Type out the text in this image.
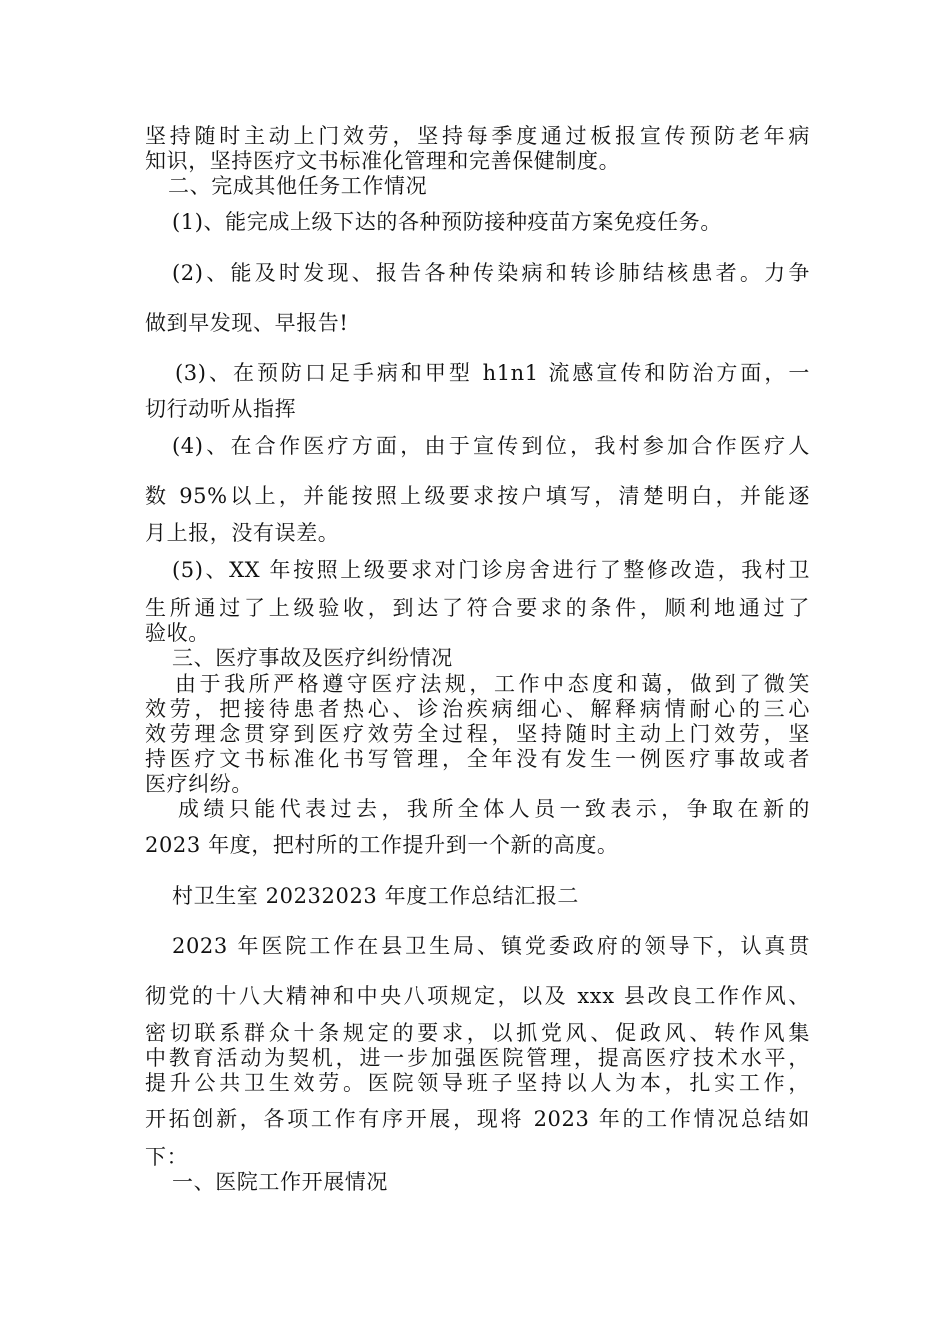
坚持随时主动上门效劳，坚持每季度通过板报宣传预防老年病

知识，坚持医疗文书标准化管理和完善保健制度。

二、完成其他任务工作情况

(1)、能完成上级下达的各种预防接种疫苗方案免疫任务。

(2)、能及时发现、报告各种传染病和转诊肺结核患者。力争

做到早发现、早报告!

(3)、在预防口足手病和甲型 h1n1 流感宣传和防治方面，一

切行动听从指挥

(4)、在合作医疗方面，由于宣传到位，我村参加合作医疗人

数 95%以上，并能按照上级要求按户填写，清楚明白，并能逐

月上报，没有误差。

(5)、XX 年按照上级要求对门诊房舍进行了整修改造，我村卫

生所通过了上级验收，到达了符合要求的条件，顺利地通过了

验收。

三、医疗事故及医疗纠纷情况

由于我所严格遵守医疗法规，工作中态度和蔼，做到了微笑

效劳，把接待患者热心、诊治疾病细心、解释病情耐心的三心

效劳理念贯穿到医疗效劳全过程，坚持随时主动上门效劳，坚

持医疗文书标准化书写管理，全年没有发生一例医疗事故或者

医疗纠纷。

成绩只能代表过去，我所全体人员一致表示，争取在新的

2023 年度，把村所的工作提升到一个新的高度。

村卫生室 20232023 年度工作总结汇报二

2023 年医院工作在县卫生局、镇党委政府的领导下，认真贯

彻党的十八大精神和中央八项规定，以及 xxx 县改良工作作风、

密切联系群众十条规定的要求，以抓党风、促政风、转作风集

中教育活动为契机，进一步加强医院管理，提高医疗技术水平，

提升公共卫生效劳。医院领导班子坚持以人为本，扎实工作，

开拓创新，各项工作有序开展，现将 2023 年的工作情况总结如

下：

一、医院工作开展情况
